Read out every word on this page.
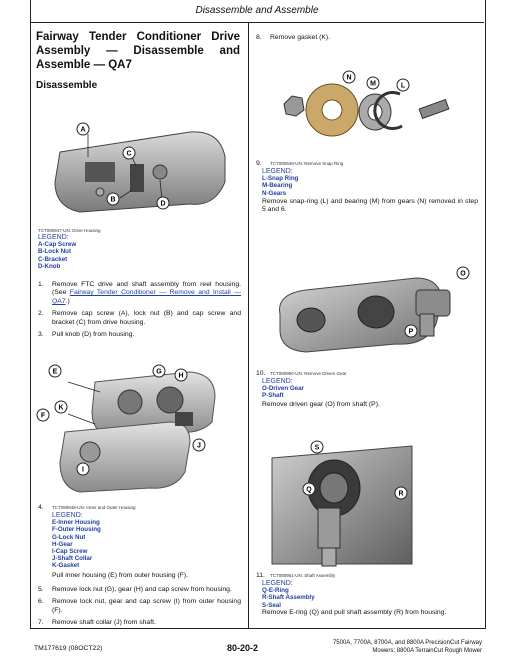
Disassemble and Assemble
Fairway Tender Conditioner Drive Assembly — Disassemble and Assemble — QA7
Disassemble
A
C
B
D
TCT080947-UN: Drive Housing
LEGEND:
A-Cap Screw
B-Lock Nut
C-Bracket
D-Knob
1.	Remove FTC drive and shaft assembly from reel housing. (See Fairway Tender Conditioner — Remove and Install — QA7.)
2.	Remove cap screw (A), lock nut (B) and cap screw and bracket (C) from drive housing.
3.	Pull knob (D) from housing.
E	G
H
K
F
J
I
4.	TCT080948-UN: Inner and Outer Housing
LEGEND:
E-Inner Housing
F-Outer Housing
G-Lock Nut
H-Gear
I-Cap Screw
J-Shaft Collar
K-Gasket
Pull inner housing (E) from outer housing (F).
5.	Remove lock nut (G), gear (H) and cap screw from housing.
6.	Remove lock nut, gear and cap screw (I) from outer housing (F).
7.	Remove shaft collar (J) from shaft.
8.	Remove gasket (K).
N
M	L
9.	TCT080949-UN: Remove Snap Ring
LEGEND:
L-Snap Ring
M-Bearing
N-Gears
Remove snap-ring (L) and bearing (M) from gears (N) removed in step 5 and 6.
O
P
10.	TCT080950-UN: Remove Driven Gear
LEGEND:
O-Driven Gear
P-Shaft
Remove driven gear (O) from shaft (P).
S
Q
R
11.	TCT080951-UN: Shaft Assembly
LEGEND:
Q-E-Ring
R-Shaft Assembly
S-Seal
Remove E-ring (Q) and pull shaft assembly (R) from housing.
TM177619 (08OCT22)	80-20-2	7500A, 7700A, 8700A, and 8800A PrecisionCut Fairway
Mowers; 8800A TerrainCut Rough Mower
